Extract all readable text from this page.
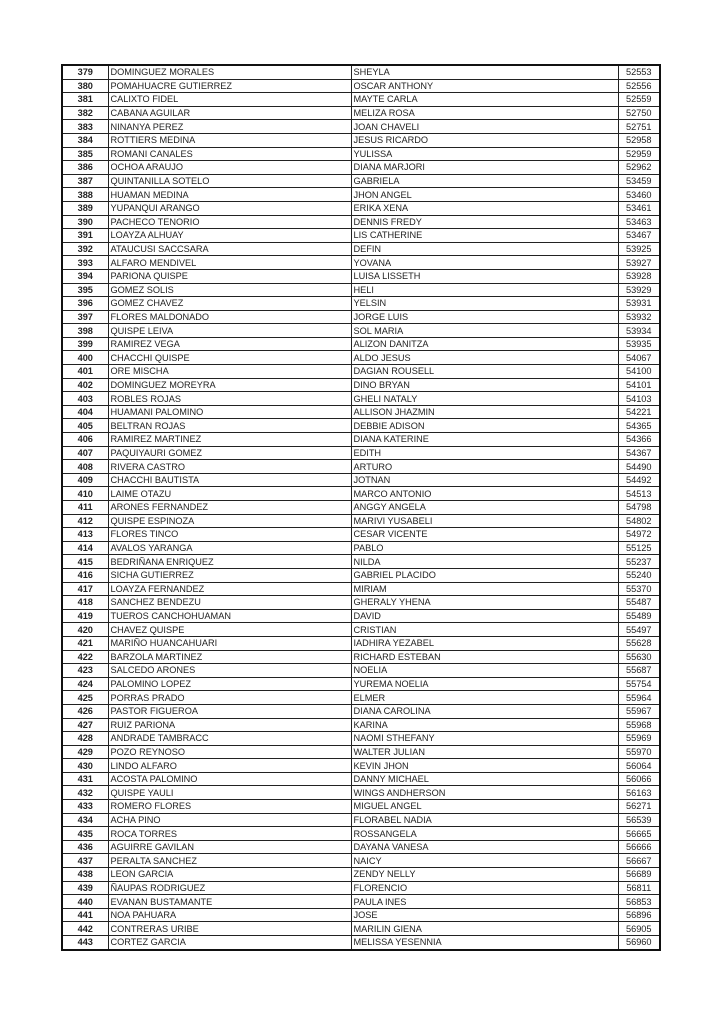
379	DOMINGUEZ MORALES	SHEYLA	52553
380	POMAHUACRE GUTIERREZ	OSCAR ANTHONY	52556
381	CALIXTO FIDEL	MAYTE CARLA	52559
382	CABANA AGUILAR	MELIZA ROSA	52750
383	NINANYA PEREZ	JOAN CHAVELI	52751
384	ROTTIERS MEDINA	JESUS RICARDO	52958
385	ROMANI CANALES	YULISSA	52959
386	OCHOA ARAUJO	DIANA MARJORI	52962
387	QUINTANILLA SOTELO	GABRIELA	53459
388	HUAMAN MEDINA	JHON ANGEL	53460
389	YUPANQUI ARANGO	ERIKA XENA	53461
390	PACHECO TENORIO	DENNIS FREDY	53463
391	LOAYZA ALHUAY	LIS CATHERINE	53467
392	ATAUCUSI SACCSARA	DEFIN	53925
393	ALFARO MENDIVEL	YOVANA	53927
394	PARIONA QUISPE	LUISA LISSETH	53928
395	GOMEZ SOLIS	HELI	53929
396	GOMEZ CHAVEZ	YELSIN	53931
397	FLORES MALDONADO	JORGE LUIS	53932
398	QUISPE LEIVA	SOL MARIA	53934
399	RAMIREZ VEGA	ALIZON DANITZA	53935
400	CHACCHI QUISPE	ALDO JESUS	54067
401	ORE MISCHA	DAGIAN ROUSELL	54100
402	DOMINGUEZ MOREYRA	DINO BRYAN	54101
403	ROBLES ROJAS	GHELI NATALY	54103
404	HUAMANI PALOMINO	ALLISON JHAZMIN	54221
405	BELTRAN ROJAS	DEBBIE ADISON	54365
406	RAMIREZ MARTINEZ	DIANA KATERINE	54366
407	PAQUIYAURI GOMEZ	EDITH	54367
408	RIVERA CASTRO	ARTURO	54490
409	CHACCHI BAUTISTA	JOTNAN	54492
410	LAIME OTAZU	MARCO ANTONIO	54513
411	ARONES FERNANDEZ	ANGGY ANGELA	54798
412	QUISPE ESPINOZA	MARIVI YUSABELI	54802
413	FLORES TINCO	CESAR VICENTE	54972
414	AVALOS YARANGA	PABLO	55125
415	BEDRIÑANA ENRIQUEZ	NILDA	55237
416	SICHA GUTIERREZ	GABRIEL PLACIDO	55240
417	LOAYZA FERNANDEZ	MIRIAM	55370
418	SANCHEZ BENDEZU	GHERALY YHENA	55487
419	TUEROS CANCHOHUAMAN	DAVID	55489
420	CHAVEZ QUISPE	CRISTIAN	55497
421	MARIÑO HUANCAHUARI	IADHIRA YEZABEL	55628
422	BARZOLA MARTINEZ	RICHARD ESTEBAN	55630
423	SALCEDO ARONES	NOELIA	55687
424	PALOMINO LOPEZ	YUREMA NOELIA	55754
425	PORRAS PRADO	ELMER	55964
426	PASTOR FIGUEROA	DIANA CAROLINA	55967
427	RUIZ PARIONA	KARINA	55968
428	ANDRADE TAMBRACC	NAOMI STHEFANY	55969
429	POZO REYNOSO	WALTER JULIAN	55970
430	LINDO ALFARO	KEVIN JHON	56064
431	ACOSTA PALOMINO	DANNY MICHAEL	56066
432	QUISPE YAULI	WINGS ANDHERSON	56163
433	ROMERO FLORES	MIGUEL ANGEL	56271
434	ACHA PINO	FLORABEL NADIA	56539
435	ROCA TORRES	ROSSANGELA	56665
436	AGUIRRE GAVILAN	DAYANA VANESA	56666
437	PERALTA SANCHEZ	NAICY	56667
438	LEON GARCIA	ZENDY NELLY	56689
439	ÑAUPAS RODRIGUEZ	FLORENCIO	56811
440	EVANAN BUSTAMANTE	PAULA INES	56853
441	NOA PAHUARA	JOSE	56896
442	CONTRERAS URIBE	MARILIN GIENA	56905
443	CORTEZ GARCIA	MELISSA YESENNIA	56960
